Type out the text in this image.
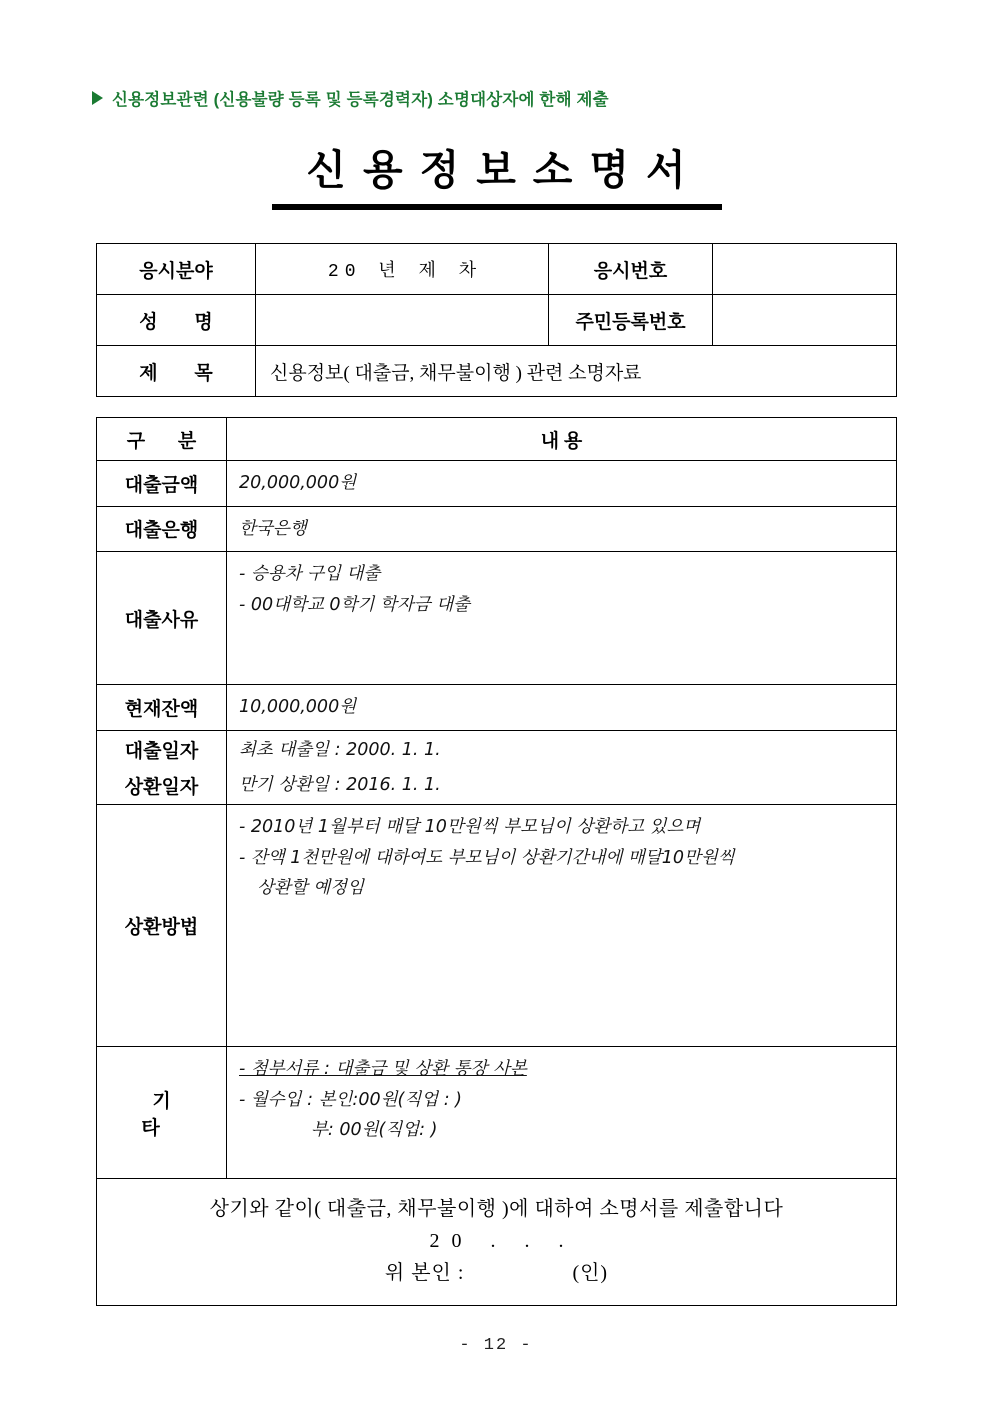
신용정보관련 (신용불량 등록 및 등록경력자) 소명대상자에 한해 제출
신용정보소명서
응시분야	20 년 제 차	응시번호	
성 명		주민등록번호	
제 목	신용정보( 대출금, 채무불이행 ) 관련 소명자료		
구 분	내 용
대출금액	20,000,000원

대출은행	한국은행

대출사유	- 승용차 구입 대출
- 00대학교 0학기 학자금 대출

현재잔액	10,000,000원

대출일자	최초 대출일 : 2000. 1. 1.

상환일자	만기 상환일 : 2016. 1. 1.

상환방법	- 2010년 1월부터 매달 10만원씩 부모님이 상환하고 있으며
- 잔액 1천만원에 대하여도 부모님이 상환기간내에 매달10만원씩
상환할 예정임

기 타	- 첨부서류 : 대출금 및 상환 통장 사본
- 월수입 : 본인:00원(직업 : )
부: 00원(직업: )

상기와 같이( 대출금, 채무불이행 )에 대하여 소명서를 제출합니다
20 . . .
위 본인 : (인)	
- 12 -
